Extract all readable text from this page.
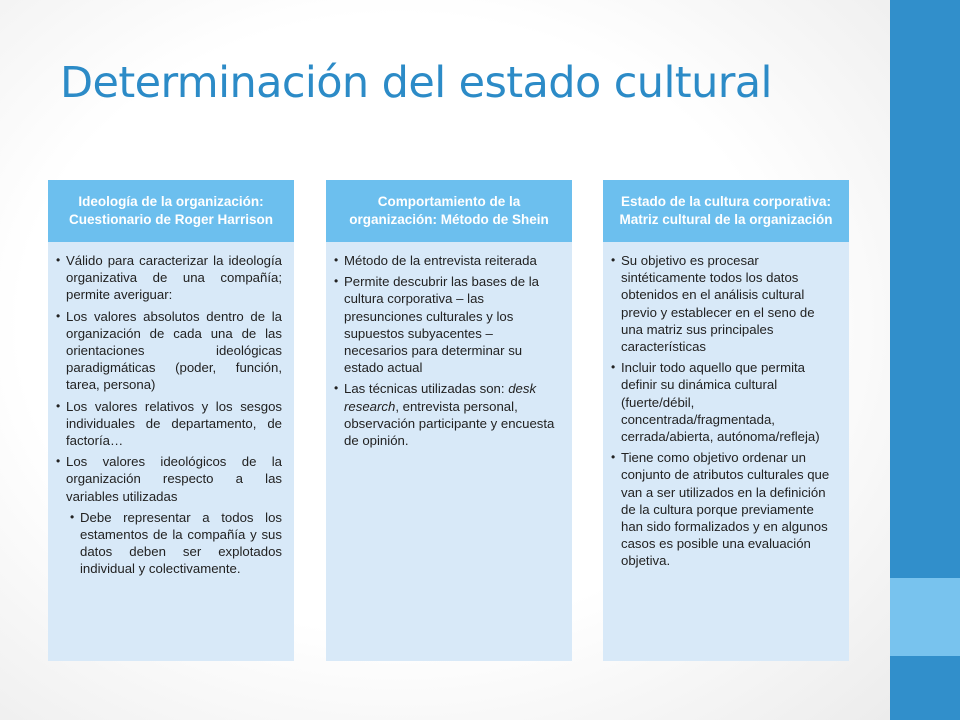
Determinación del estado cultural
Ideología de la organización: Cuestionario de Roger Harrison
• Válido para caracterizar la ideología organizativa de una compañía; permite averiguar:
• Los valores absolutos dentro de la organización de cada una de las orientaciones ideológicas paradigmáticas (poder, función, tarea, persona)
• Los valores relativos y los sesgos individuales de departamento, de factoría…
• Los valores ideológicos de la organización respecto a las variables utilizadas
• Debe representar a todos los estamentos de la compañía y sus datos deben ser explotados individual y colectivamente.
Comportamiento de la organización: Método de Shein
• Método de la entrevista reiterada
• Permite descubrir las bases de la cultura corporativa – las presunciones culturales y los supuestos subyacentes – necesarios para determinar su estado actual
• Las técnicas utilizadas son: desk research, entrevista personal, observación participante y encuesta de opinión.
Estado de la cultura corporativa: Matriz cultural de la organización
• Su objetivo es procesar sintéticamente todos los datos obtenidos en el análisis cultural previo y establecer en el seno de una matriz sus principales características
• Incluir todo aquello que permita definir su dinámica cultural (fuerte/débil, concentrada/fragmentada, cerrada/abierta, autónoma/refleja)
• Tiene como objetivo ordenar un conjunto de atributos culturales que van a ser utilizados en la definición de la cultura porque previamente han sido formalizados y en algunos casos es posible una evaluación objetiva.
